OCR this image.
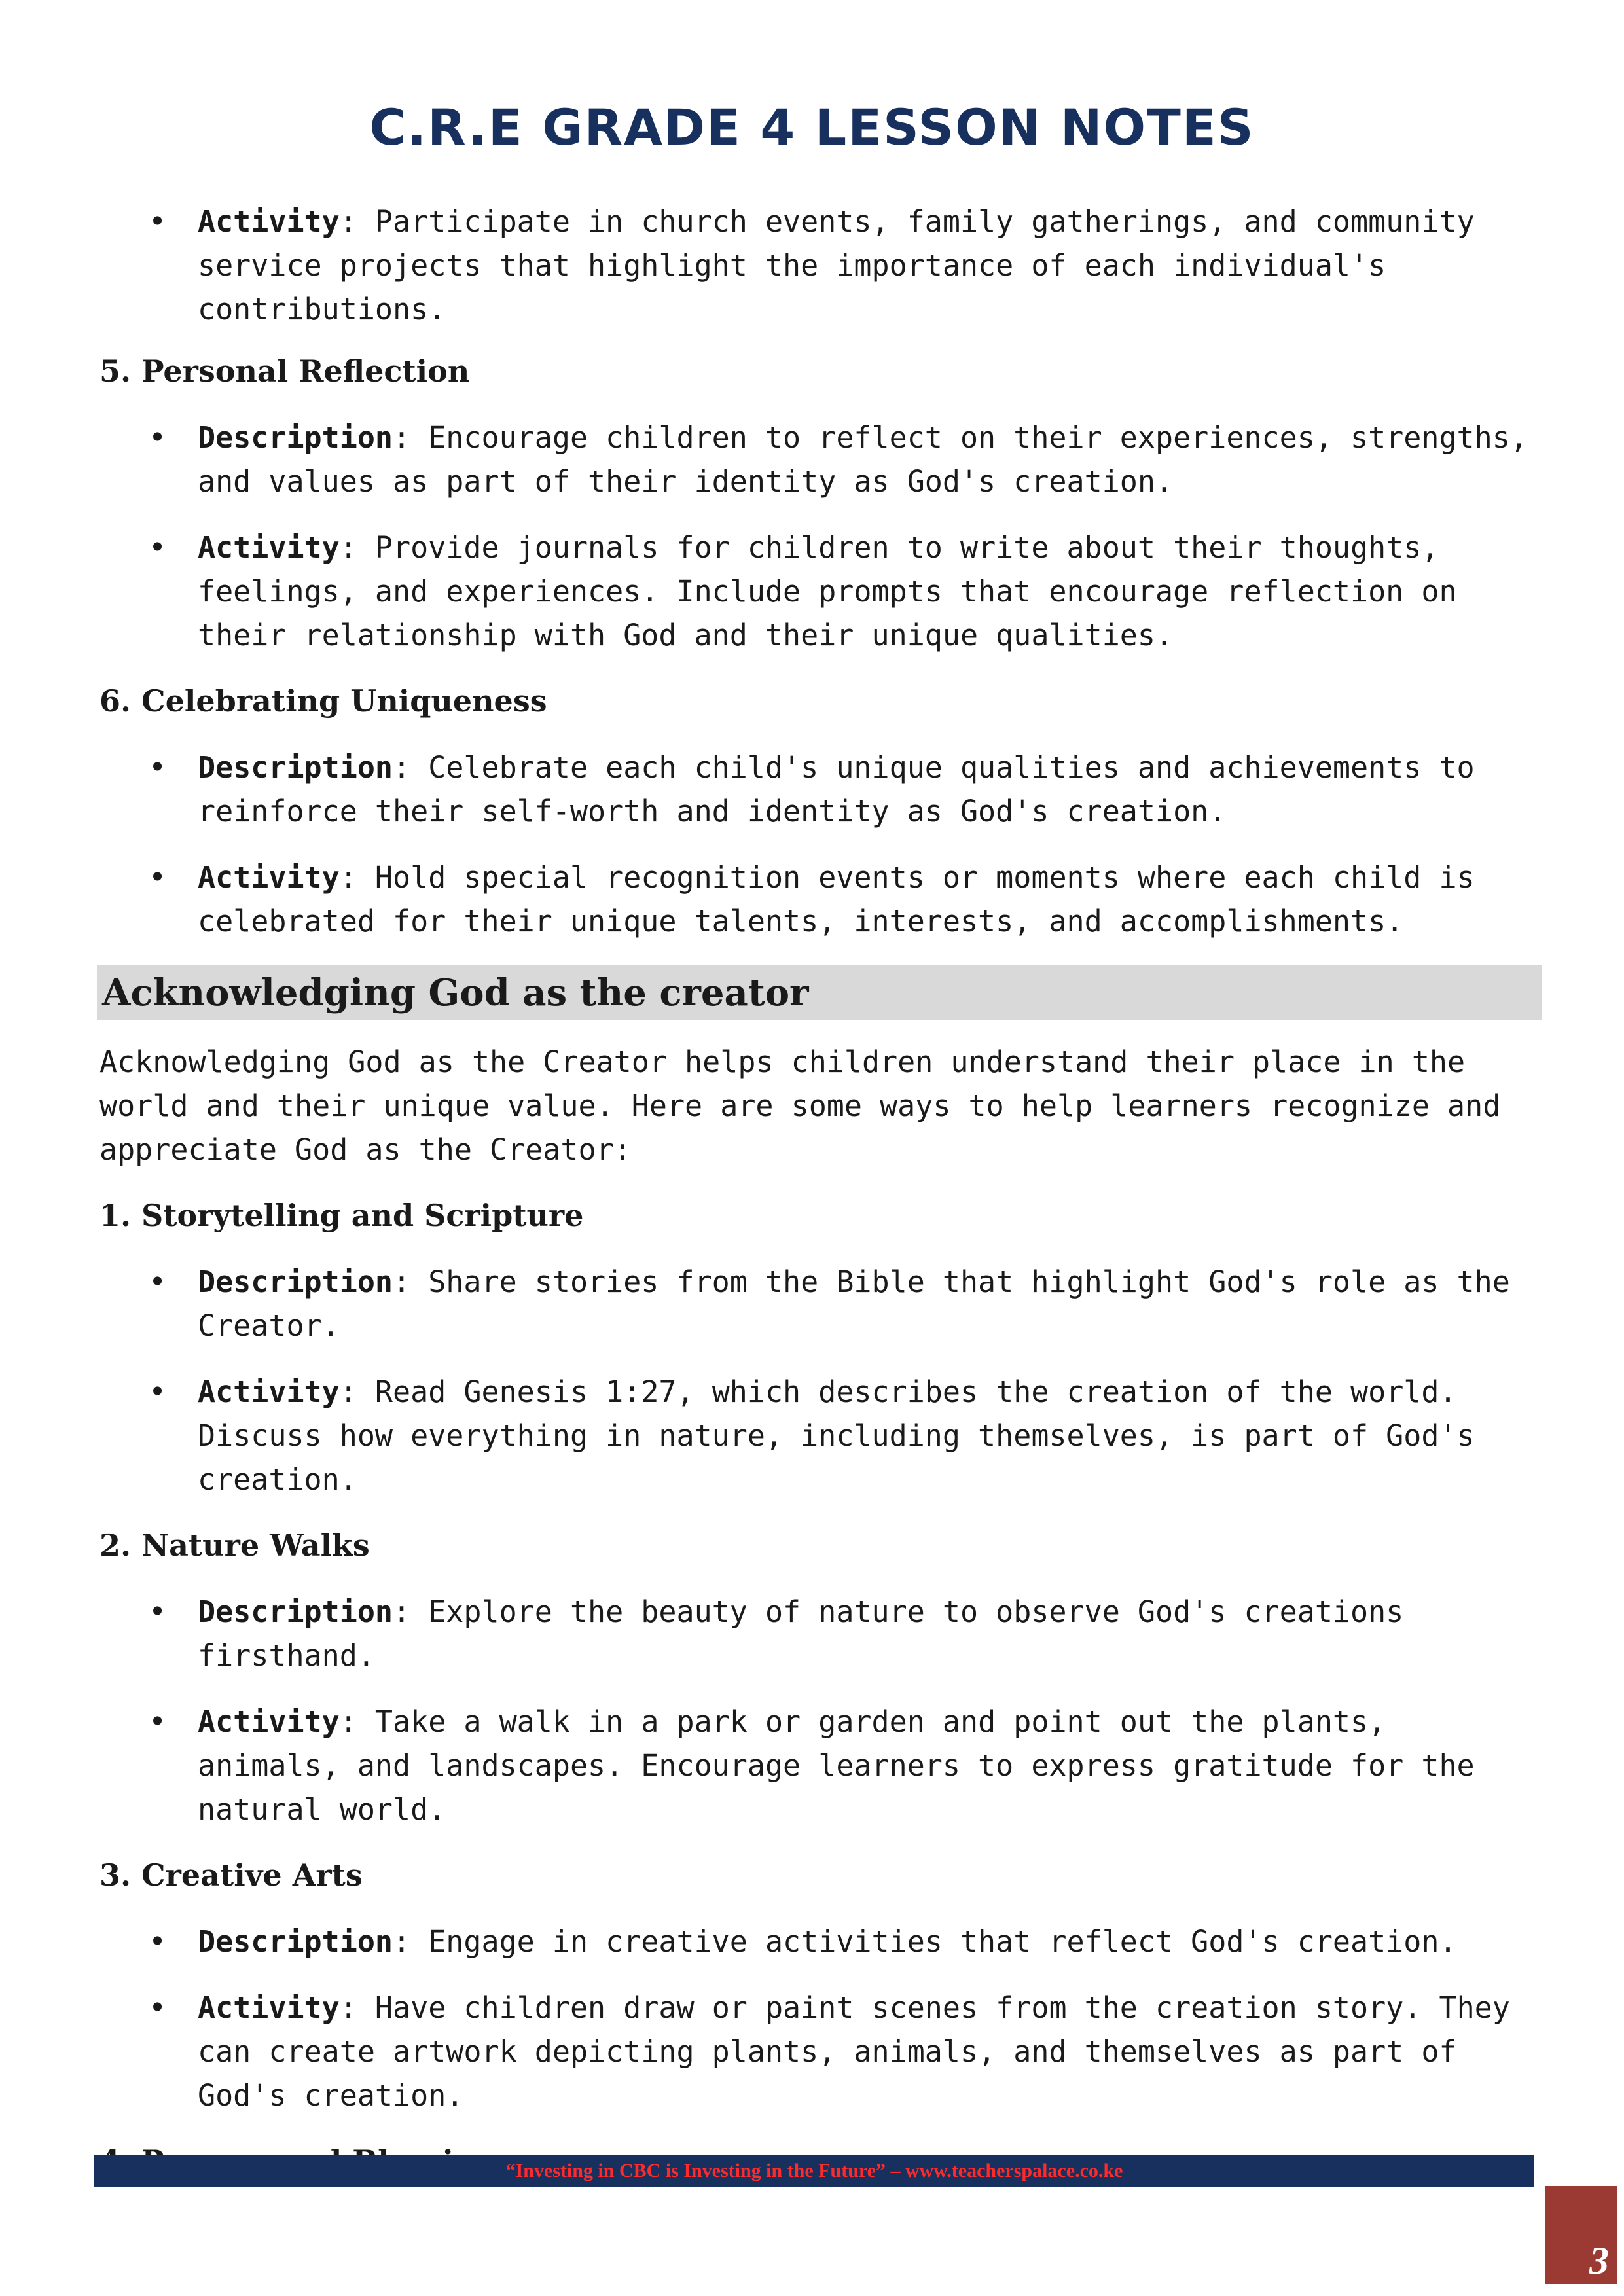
C.R.E GRADE 4 LESSON NOTES
• Activity: Participate in church events, family gatherings, and community service projects that highlight the importance of each individual's contributions.
5. Personal Reflection
• Description: Encourage children to reflect on their experiences, strengths, and values as part of their identity as God's creation.
• Activity: Provide journals for children to write about their thoughts, feelings, and experiences. Include prompts that encourage reflection on their relationship with God and their unique qualities.
6. Celebrating Uniqueness
• Description: Celebrate each child's unique qualities and achievements to reinforce their self-worth and identity as God's creation.
• Activity: Hold special recognition events or moments where each child is celebrated for their unique talents, interests, and accomplishments.
Acknowledging God as the creator

Acknowledging God as the Creator helps children understand their place in the world and their unique value. Here are some ways to help learners recognize and appreciate God as the Creator:

1. Storytelling and Scripture
• Description: Share stories from the Bible that highlight God's role as the Creator.
• Activity: Read Genesis 1:27, which describes the creation of the world. Discuss how everything in nature, including themselves, is part of God's creation.
2. Nature Walks
• Description: Explore the beauty of nature to observe God's creations firsthand.
• Activity: Take a walk in a park or garden and point out the plants, animals, and landscapes. Encourage learners to express gratitude for the natural world.
3. Creative Arts
• Description: Engage in creative activities that reflect God's creation.
• Activity: Have children draw or paint scenes from the creation story. They can create artwork depicting plants, animals, and themselves as part of God's creation.
“Investing in CBC is Investing in the Future” – www.teacherspalace.co.ke
3
